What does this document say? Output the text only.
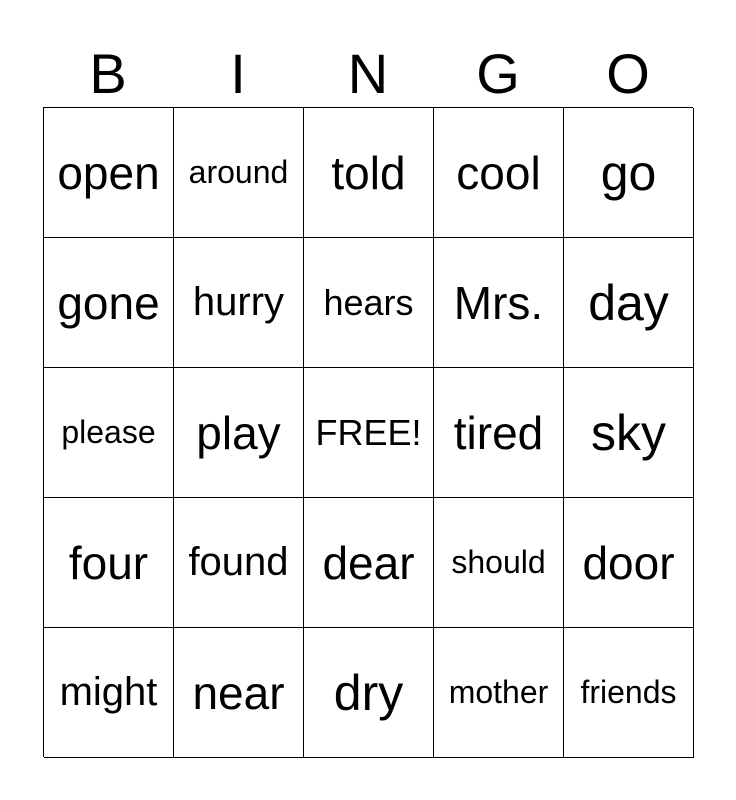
B	I	N	G	O
open around told cool go
gone hurry hears Mrs. day
please play FREE! tired sky
four found dear should door
might near dry mother friends
